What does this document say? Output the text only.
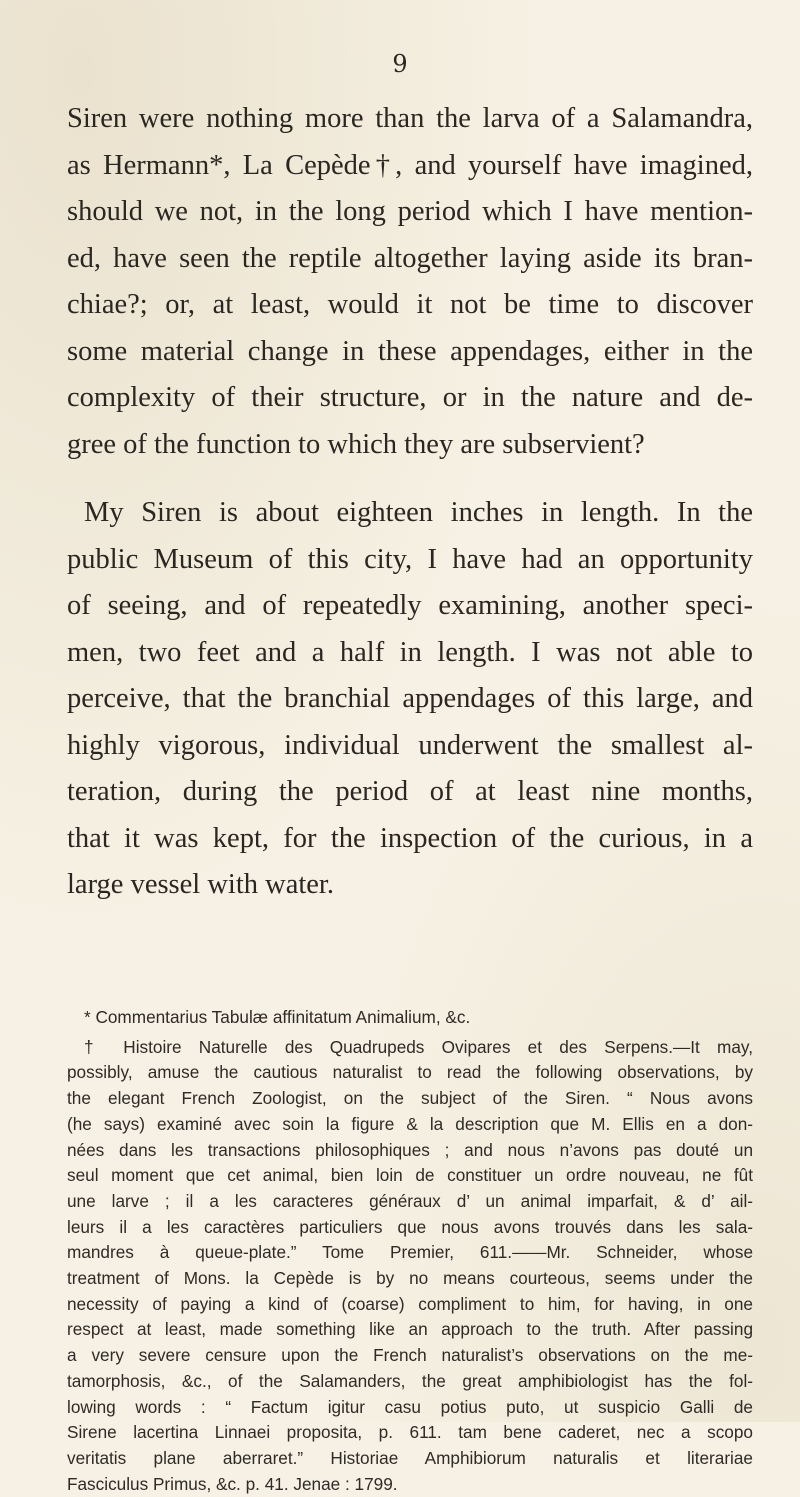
9

Siren were nothing more than the larva of a Salamandra,
as Hermann*, La Cepède†, and yourself have imagined,
should we not, in the long period which I have mention-
ed, have seen the reptile altogether laying aside its bran-
chiae?; or, at least, would it not be time to discover
some material change in these appendages, either in the
complexity of their structure, or in the nature and de-
gree of the function to which they are subservient?

My Siren is about eighteen inches in length. In the
public Museum of this city, I have had an opportunity
of seeing, and of repeatedly examining, another speci-
men, two feet and a half in length. I was not able to
perceive, that the branchial appendages of this large, and
highly vigorous, individual underwent the smallest al-
teration, during the period of at least nine months,
that it was kept, for the inspection of the curious, in a
large vessel with water.

* Commentarius Tabulæ affinitatum Animalium, &c.

† Histoire Naturelle des Quadrupeds Ovipares et des Serpens.—It may,
possibly, amuse the cautious naturalist to read the following observations, by
the elegant French Zoologist, on the subject of the Siren. “ Nous avons
(he says) examiné avec soin la figure & la description que M. Ellis en a don-
nées dans les transactions philosophiques ; and nous n’avons pas douté un
seul moment que cet animal, bien loin de constituer un ordre nouveau, ne fût
une larve ; il a les caracteres généraux d’ un animal imparfait, & d’ ail-
leurs il a les caractères particuliers que nous avons trouvés dans les sala-
mandres à queue-plate.” Tome Premier, 611.——Mr. Schneider, whose
treatment of Mons. la Cepède is by no means courteous, seems under the
necessity of paying a kind of (coarse) compliment to him, for having, in one
respect at least, made something like an approach to the truth. After passing
a very severe censure upon the French naturalist’s observations on the me-
tamorphosis, &c., of the Salamanders, the great amphibiologist has the fol-
lowing words : “ Factum igitur casu potius puto, ut suspicio Galli de
Sirene lacertina Linnaei proposita, p. 611. tam bene caderet, nec a scopo
veritatis plane aberraret.” Historiae Amphibiorum naturalis et literariae
Fasciculus Primus, &c. p. 41. Jenae : 1799.
